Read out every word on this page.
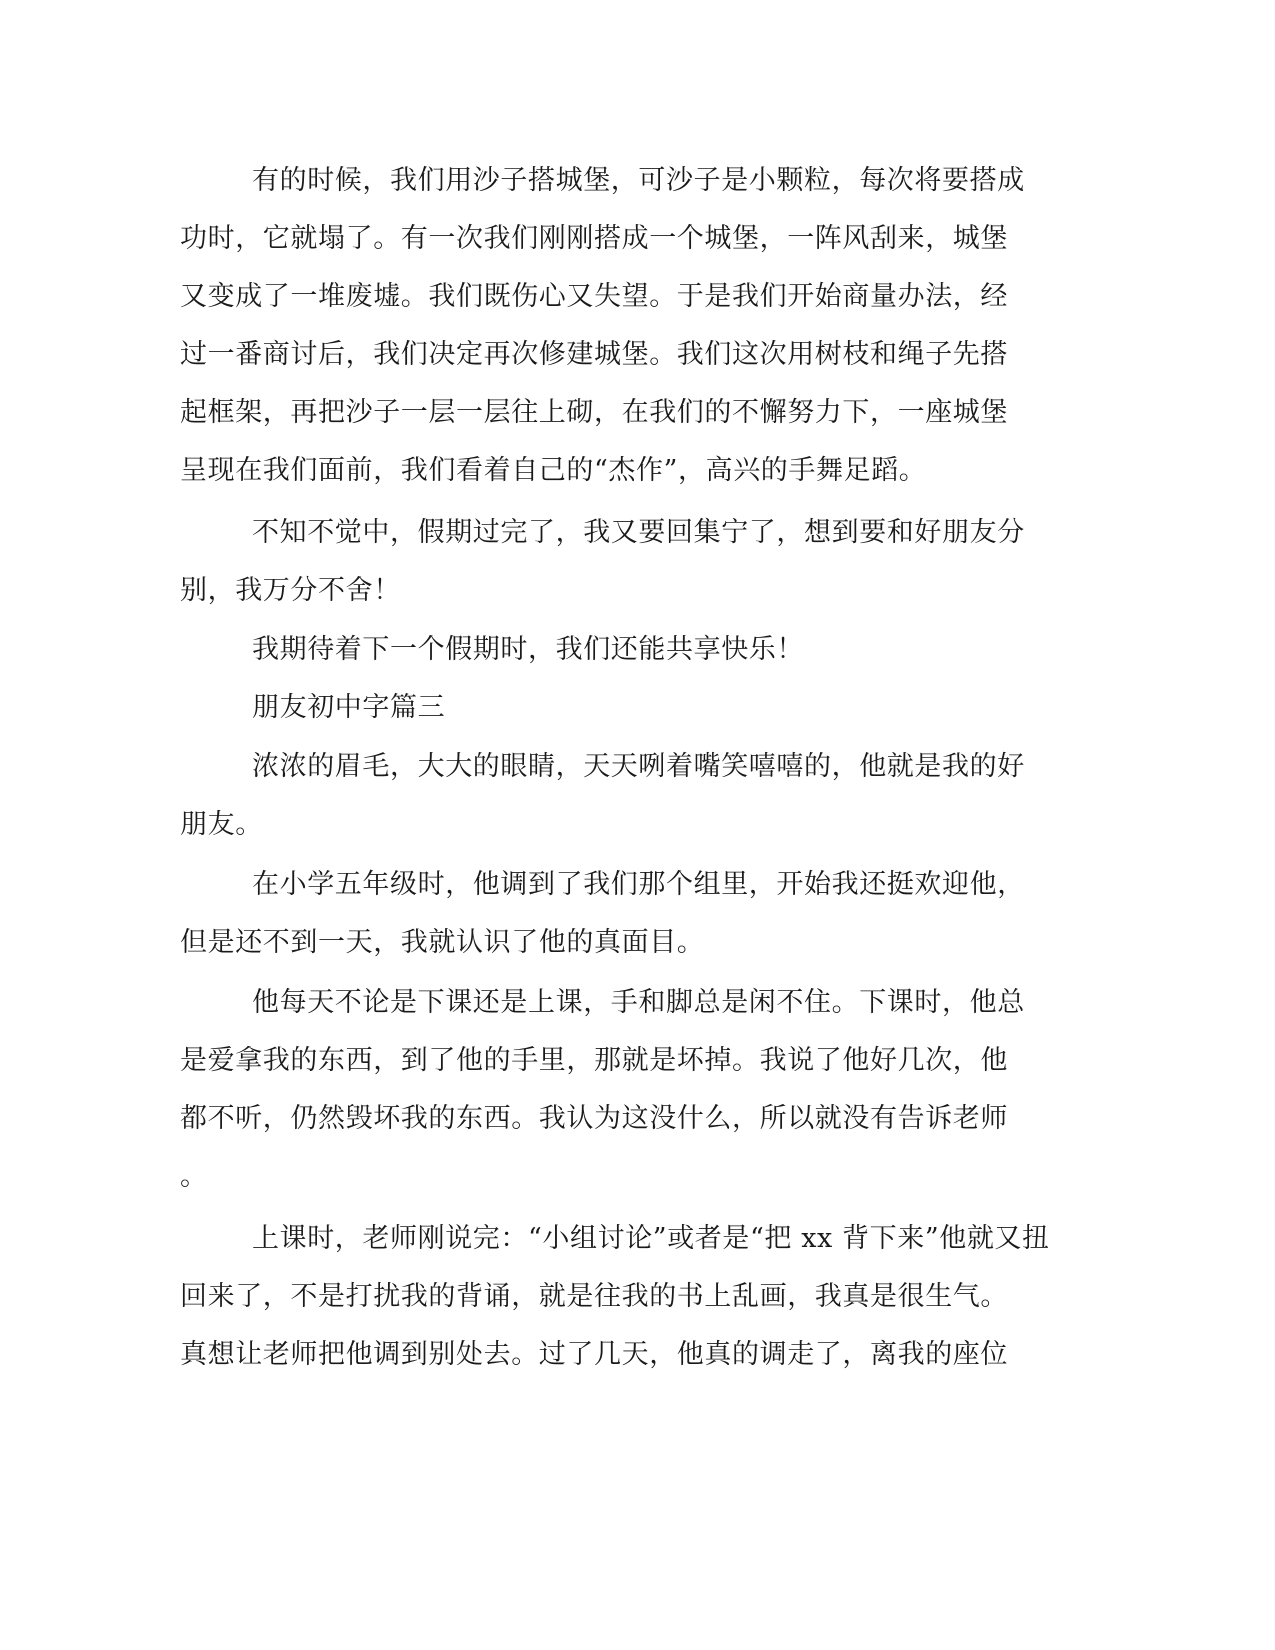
有的时候，我们用沙子搭城堡，可沙子是小颗粒，每次将要搭成
功时，它就塌了。有一次我们刚刚搭成一个城堡，一阵风刮来，城堡
又变成了一堆废墟。我们既伤心又失望。于是我们开始商量办法，经
过一番商讨后，我们决定再次修建城堡。我们这次用树枝和绳子先搭
起框架，再把沙子一层一层往上砌，在我们的不懈努力下，一座城堡
呈现在我们面前，我们看着自己的“杰作”，高兴的手舞足蹈。
不知不觉中，假期过完了，我又要回集宁了，想到要和好朋友分
别，我万分不舍！
我期待着下一个假期时，我们还能共享快乐！
朋友初中字篇三
浓浓的眉毛，大大的眼睛，天天咧着嘴笑嘻嘻的，他就是我的好
朋友。
在小学五年级时，他调到了我们那个组里，开始我还挺欢迎他，
但是还不到一天，我就认识了他的真面目。
他每天不论是下课还是上课，手和脚总是闲不住。下课时，他总
是爱拿我的东西，到了他的手里，那就是坏掉。我说了他好几次，他
都不听，仍然毁坏我的东西。我认为这没什么，所以就没有告诉老师
。
上课时，老师刚说完：“小组讨论”或者是“把 xx 背下来”他就又扭
回来了，不是打扰我的背诵，就是往我的书上乱画，我真是很生气。
真想让老师把他调到别处去。过了几天，他真的调走了，离我的座位
